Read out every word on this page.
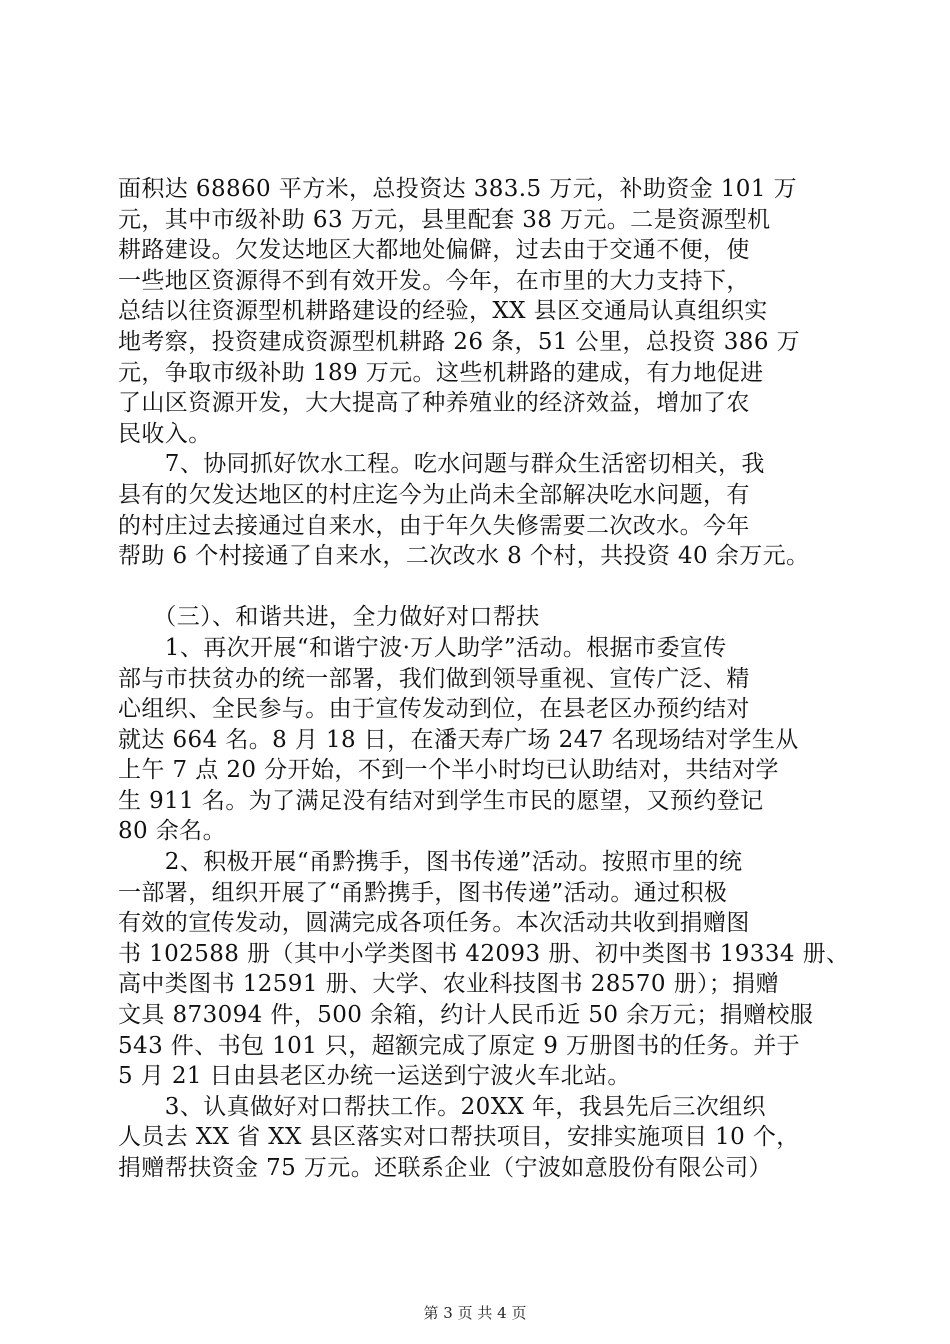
面积达 68860 平方米，总投资达 383.5 万元，补助资金 101 万
元，其中市级补助 63 万元，县里配套 38 万元。二是资源型机
耕路建设。欠发达地区大都地处偏僻，过去由于交通不便，使
一些地区资源得不到有效开发。今年，在市里的大力支持下，
总结以往资源型机耕路建设的经验，XX 县区交通局认真组织实
地考察，投资建成资源型机耕路 26 条，51 公里，总投资 386 万
元，争取市级补助 189 万元。这些机耕路的建成，有力地促进
了山区资源开发，大大提高了种养殖业的经济效益，增加了农
民收入。
　　7、协同抓好饮水工程。吃水问题与群众生活密切相关，我
县有的欠发达地区的村庄迄今为止尚未全部解决吃水问题，有
的村庄过去接通过自来水，由于年久失修需要二次改水。今年
帮助 6 个村接通了自来水，二次改水 8 个村，共投资 40 余万元。
　　（三）、和谐共进，全力做好对口帮扶
　　1、再次开展“和谐宁波·万人助学”活动。根据市委宣传
部与市扶贫办的统一部署，我们做到领导重视、宣传广泛、精
心组织、全民参与。由于宣传发动到位，在县老区办预约结对
就达 664 名。8 月 18 日，在潘天寿广场 247 名现场结对学生从
上午 7 点 20 分开始，不到一个半小时均已认助结对，共结对学
生 911 名。为了满足没有结对到学生市民的愿望，又预约登记
80 余名。
　　2、积极开展“甬黔携手，图书传递”活动。按照市里的统
一部署，组织开展了“甬黔携手，图书传递”活动。通过积极
有效的宣传发动，圆满完成各项任务。本次活动共收到捐赠图
书 102588 册（其中小学类图书 42093 册、初中类图书 19334 册、
高中类图书 12591 册、大学、农业科技图书 28570 册）；捐赠
文具 873094 件，500 余箱，约计人民币近 50 余万元；捐赠校服
543 件、书包 101 只，超额完成了原定 9 万册图书的任务。并于
5 月 21 日由县老区办统一运送到宁波火车北站。
　　3、认真做好对口帮扶工作。20XX 年，我县先后三次组织
人员去 XX 省 XX 县区落实对口帮扶项目，安排实施项目 10 个，
捐赠帮扶资金 75 万元。还联系企业（宁波如意股份有限公司）
第 3 页 共 4 页
